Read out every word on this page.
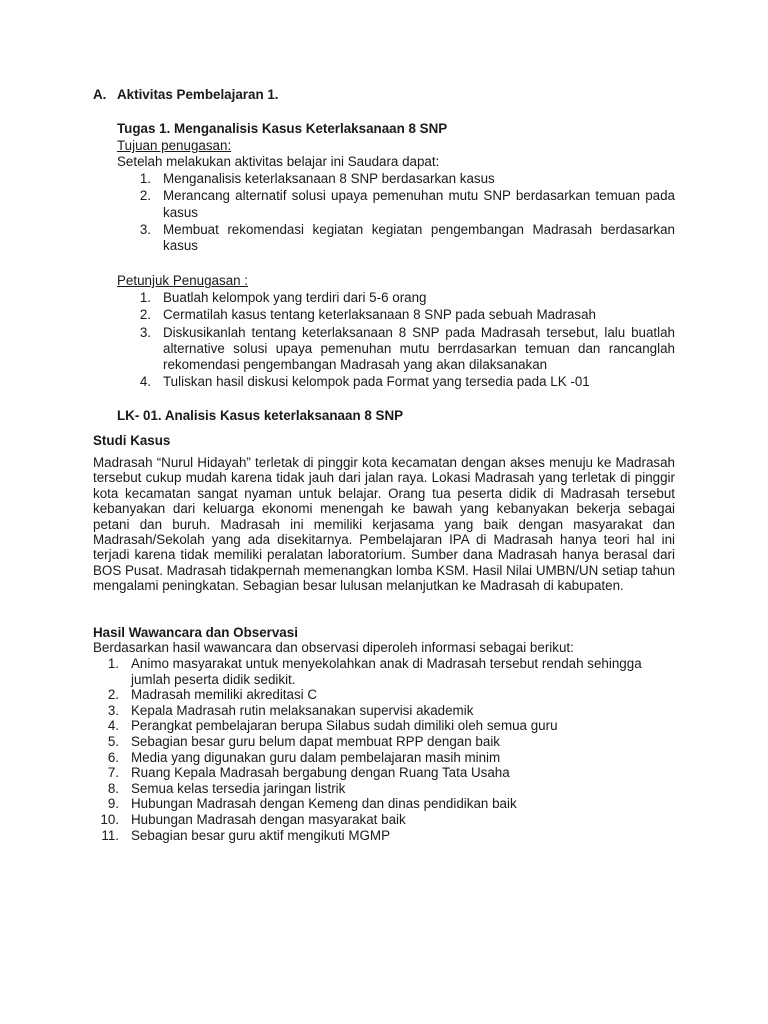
A. Aktivitas Pembelajaran 1.
Tugas 1. Menganalisis Kasus Keterlaksanaan 8 SNP
Tujuan penugasan:
Setelah melakukan aktivitas belajar ini Saudara dapat:
1. Menganalisis keterlaksanaan 8 SNP berdasarkan kasus
2. Merancang alternatif solusi upaya pemenuhan mutu SNP berdasarkan temuan pada kasus
3. Membuat rekomendasi kegiatan kegiatan pengembangan Madrasah berdasarkan kasus
Petunjuk Penugasan :
1. Buatlah kelompok yang terdiri dari 5-6 orang
2. Cermatilah kasus tentang keterlaksanaan 8 SNP pada sebuah Madrasah
3. Diskusikanlah tentang keterlaksanaan 8 SNP pada Madrasah tersebut, lalu buatlah alternative solusi upaya pemenuhan mutu berrdasarkan temuan dan rancanglah rekomendasi pengembangan Madrasah yang akan dilaksanakan
4. Tuliskan hasil diskusi kelompok pada Format yang tersedia pada LK -01
LK- 01. Analisis Kasus keterlaksanaan 8 SNP
Studi Kasus
Madrasah “Nurul Hidayah” terletak di pinggir kota kecamatan dengan akses menuju ke Madrasah tersebut cukup mudah karena tidak jauh dari jalan raya. Lokasi Madrasah yang terletak di pinggir kota kecamatan sangat nyaman untuk belajar. Orang tua peserta didik di Madrasah tersebut kebanyakan dari keluarga ekonomi menengah ke bawah yang kebanyakan bekerja sebagai petani dan buruh. Madrasah ini memiliki kerjasama yang baik dengan masyarakat dan Madrasah/Sekolah yang ada disekitarnya. Pembelajaran IPA di Madrasah hanya teori hal ini terjadi karena tidak memiliki peralatan laboratorium. Sumber dana Madrasah hanya berasal dari BOS Pusat. Madrasah tidakpernah memenangkan lomba KSM. Hasil Nilai UMBN/UN setiap tahun mengalami peningkatan. Sebagian besar lulusan melanjutkan ke Madrasah di kabupaten.
Hasil Wawancara dan Observasi
Berdasarkan hasil wawancara dan observasi diperoleh informasi sebagai berikut:
1. Animo masyarakat untuk menyekolahkan anak di Madrasah tersebut rendah sehingga jumlah peserta didik sedikit.
2. Madrasah memiliki akreditasi C
3. Kepala Madrasah rutin melaksanakan supervisi akademik
4. Perangkat pembelajaran berupa Silabus sudah dimiliki oleh semua guru
5. Sebagian besar guru belum dapat membuat RPP dengan baik
6. Media yang digunakan guru dalam pembelajaran masih minim
7. Ruang Kepala Madrasah bergabung dengan Ruang Tata Usaha
8. Semua kelas tersedia jaringan listrik
9. Hubungan Madrasah dengan Kemeng dan dinas pendidikan baik
10. Hubungan Madrasah dengan masyarakat baik
11. Sebagian besar guru aktif mengikuti MGMP
